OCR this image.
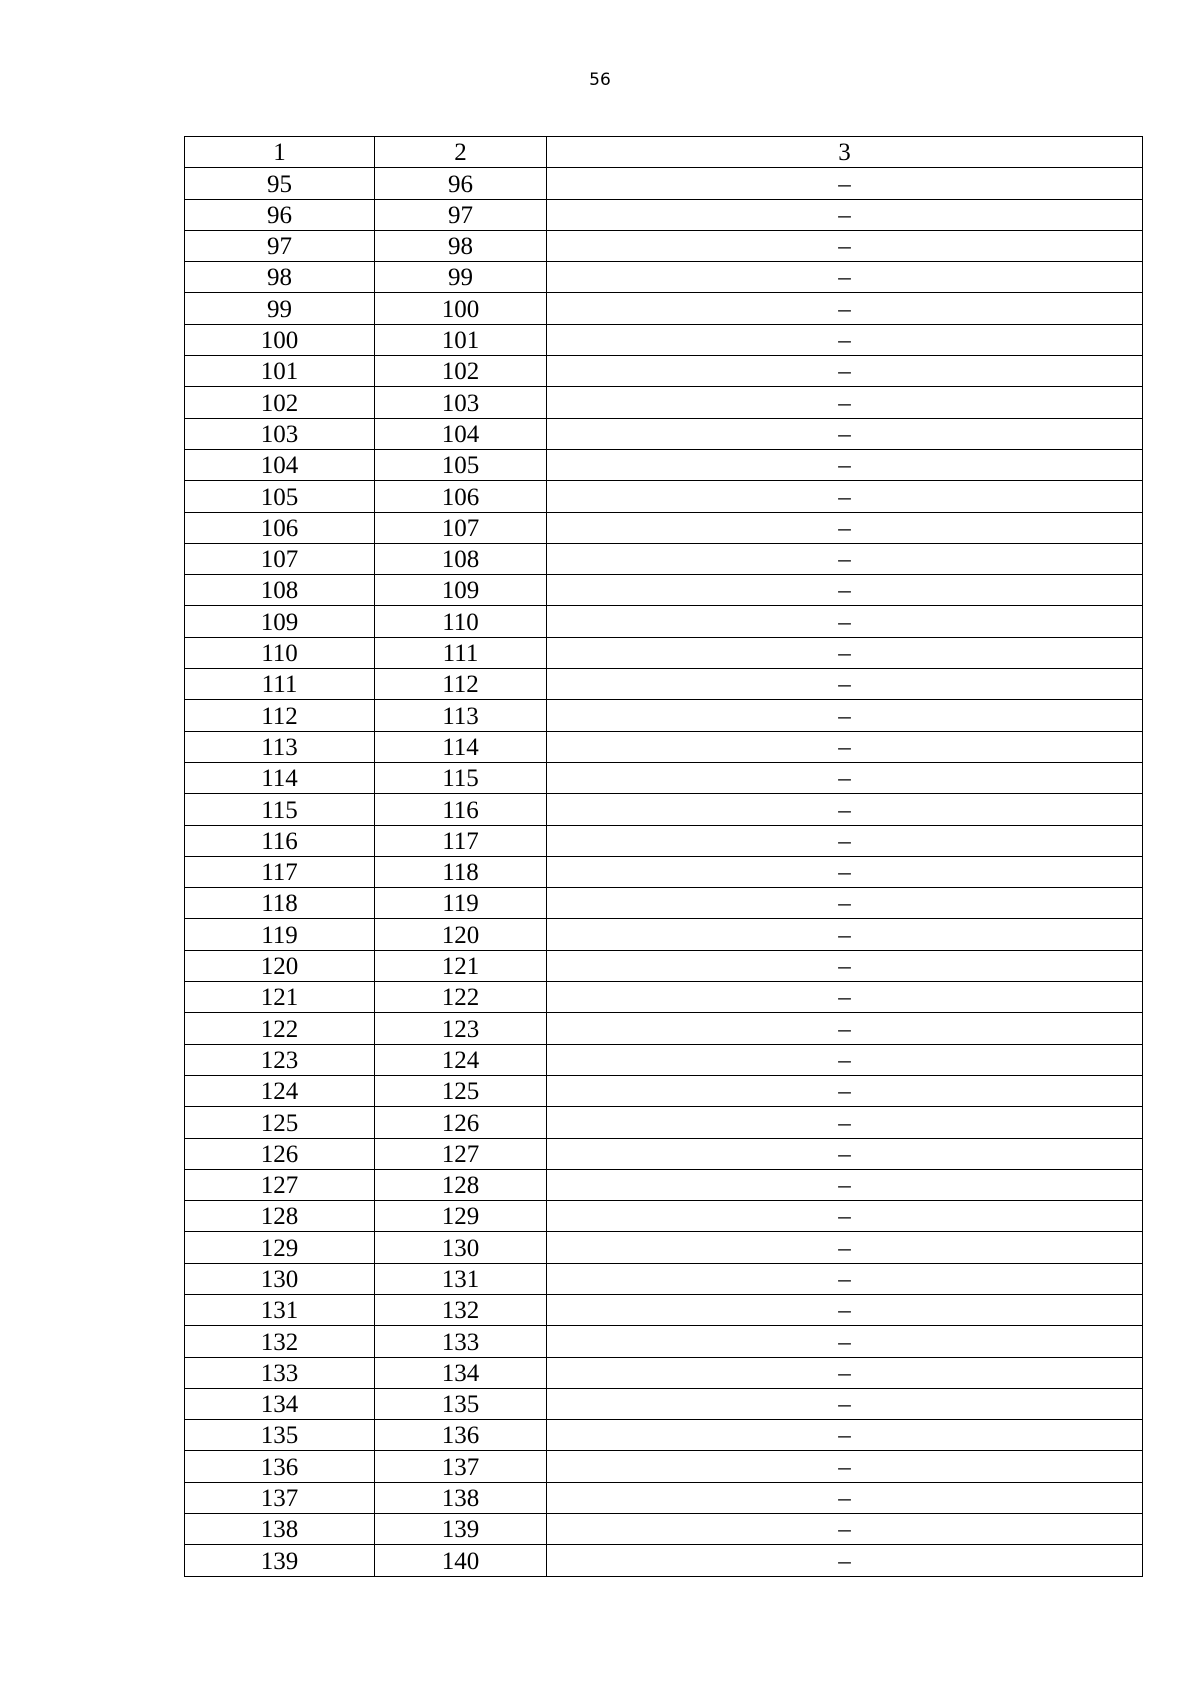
56
1	2	3
95	96	–
96	97	–
97	98	–
98	99	–
99	100	–
100	101	–
101	102	–
102	103	–
103	104	–
104	105	–
105	106	–
106	107	–
107	108	–
108	109	–
109	110	–
110	111	–
111	112	–
112	113	–
113	114	–
114	115	–
115	116	–
116	117	–
117	118	–
118	119	–
119	120	–
120	121	–
121	122	–
122	123	–
123	124	–
124	125	–
125	126	–
126	127	–
127	128	–
128	129	–
129	130	–
130	131	–
131	132	–
132	133	–
133	134	–
134	135	–
135	136	–
136	137	–
137	138	–
138	139	–
139	140	–
